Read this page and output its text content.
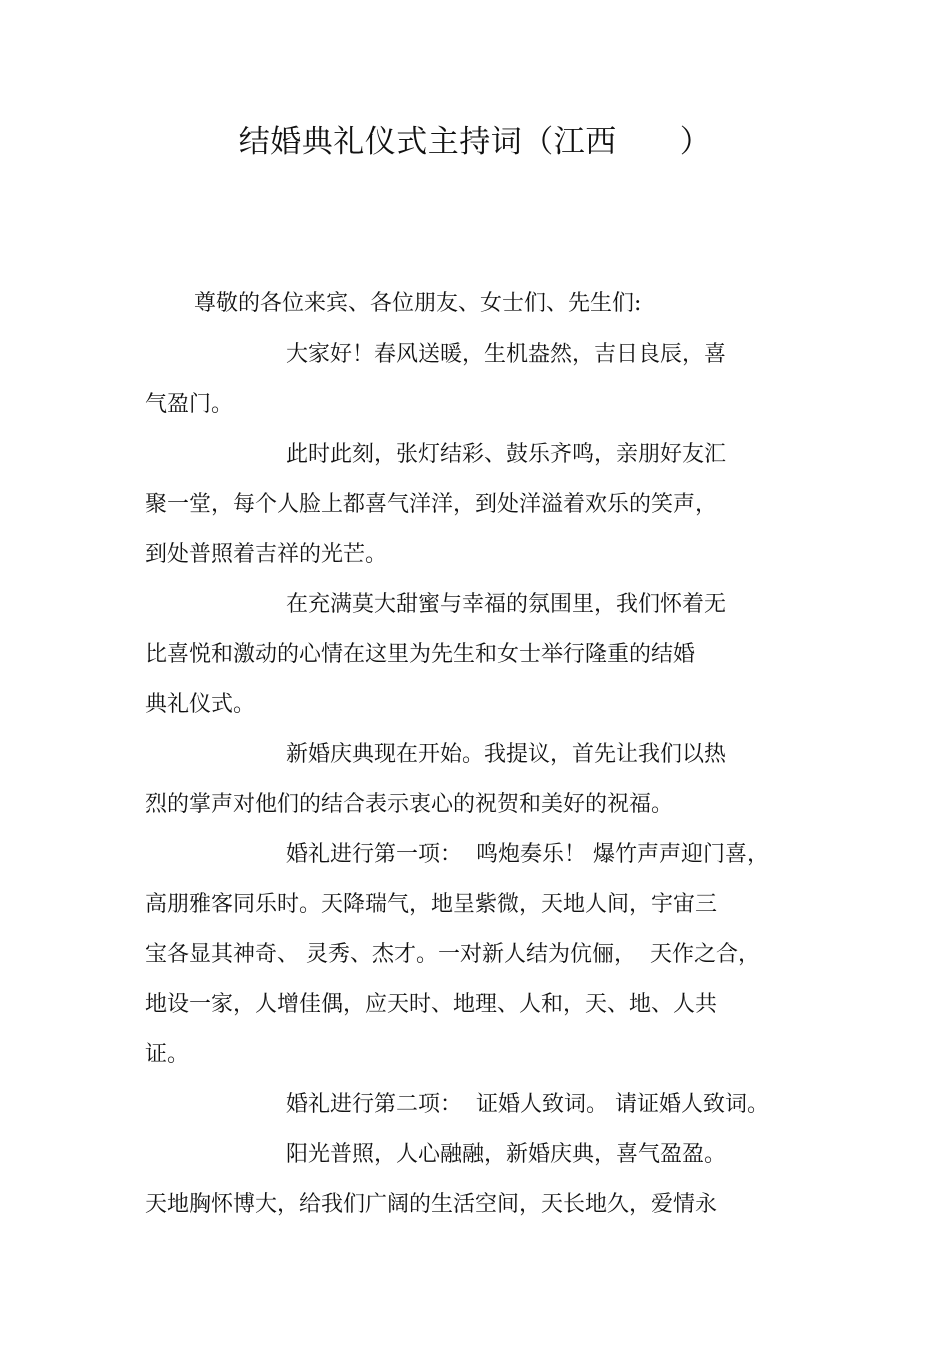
结婚典礼仪式主持词（江西　　）
尊敬的各位来宾、各位朋友、女士们、先生们:
大家好！春风送暖，生机盎然，吉日良辰，喜
气盈门。
此时此刻，张灯结彩、鼓乐齐鸣，亲朋好友汇
聚一堂，每个人脸上都喜气洋洋，到处洋溢着欢乐的笑声，
到处普照着吉祥的光芒。
在充满莫大甜蜜与幸福的氛围里，我们怀着无
比喜悦和激动的心情在这里为先生和女士举行隆重的结婚
典礼仪式。
新婚庆典现在开始。我提议，首先让我们以热
烈的掌声对他们的结合表示衷心的祝贺和美好的祝福。
婚礼进行第一项：  鸣炮奏乐！ 爆竹声声迎门喜，
高朋雅客同乐时。天降瑞气，地呈紫微，天地人间，宇宙三
宝各显其神奇、 灵秀、杰才。一对新人结为伉俪，  天作之合，
地设一家，人增佳偶，应天时、地理、人和，天、地、人共
证。
婚礼进行第二项：  证婚人致词。 请证婚人致词。
阳光普照，人心融融，新婚庆典，喜气盈盈。
天地胸怀博大，给我们广阔的生活空间，天长地久，爱情永
